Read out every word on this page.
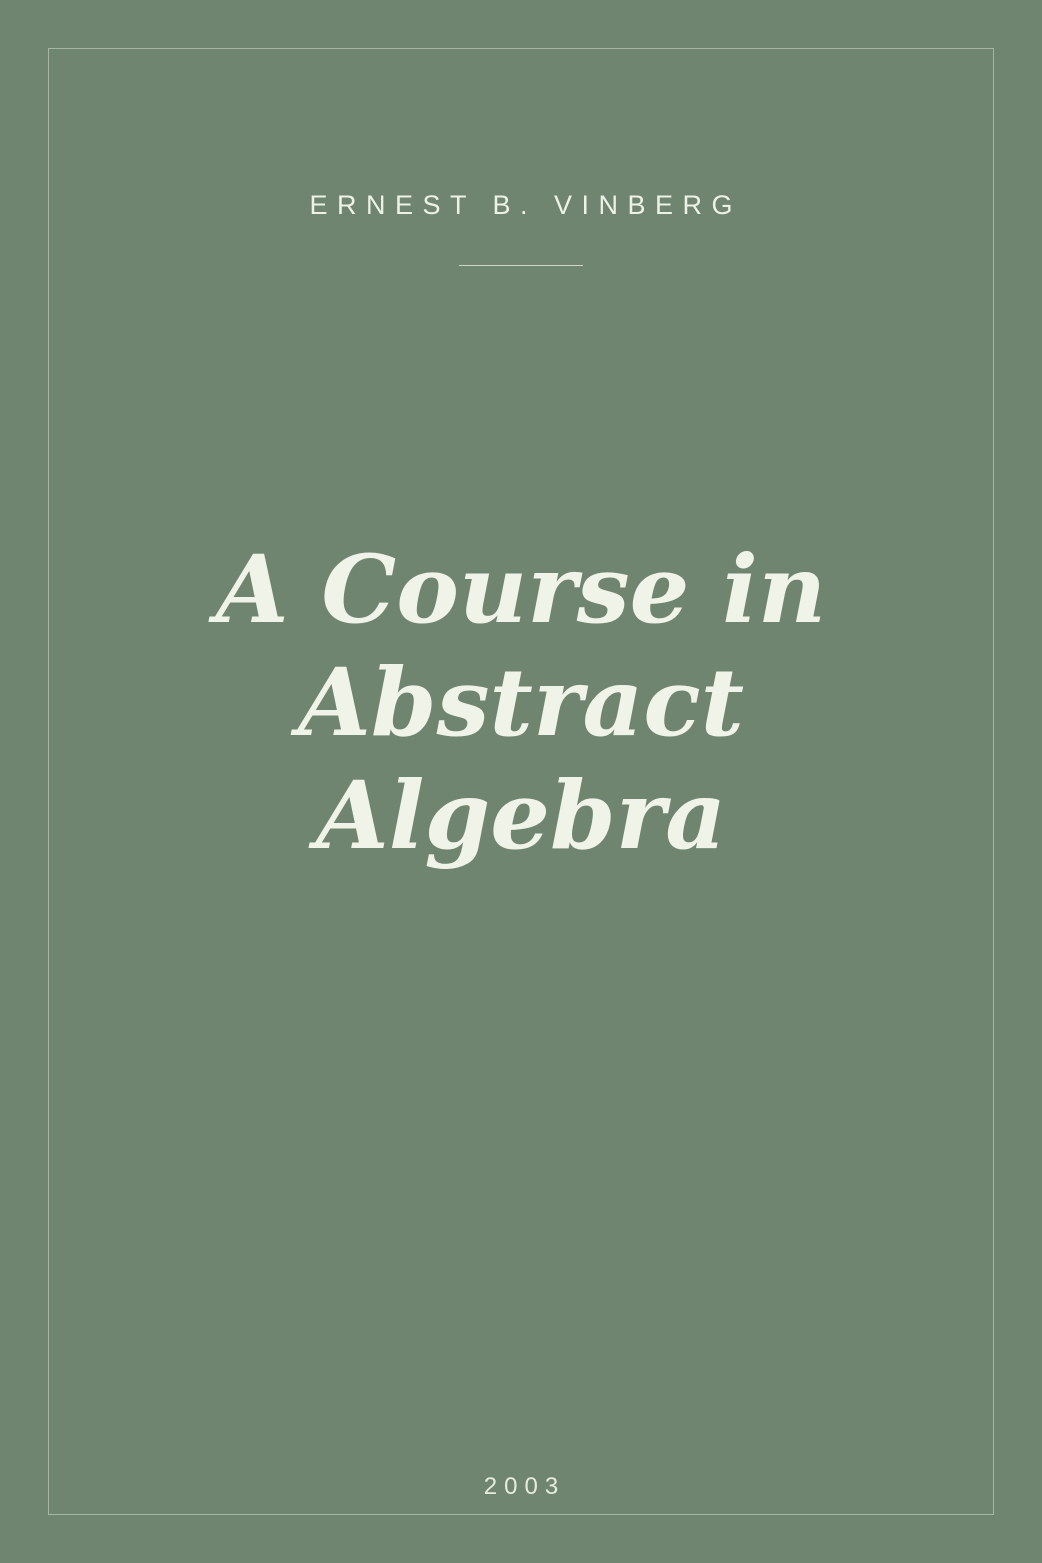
ERNEST B. VINBERG
A Course in Abstract Algebra
2003
